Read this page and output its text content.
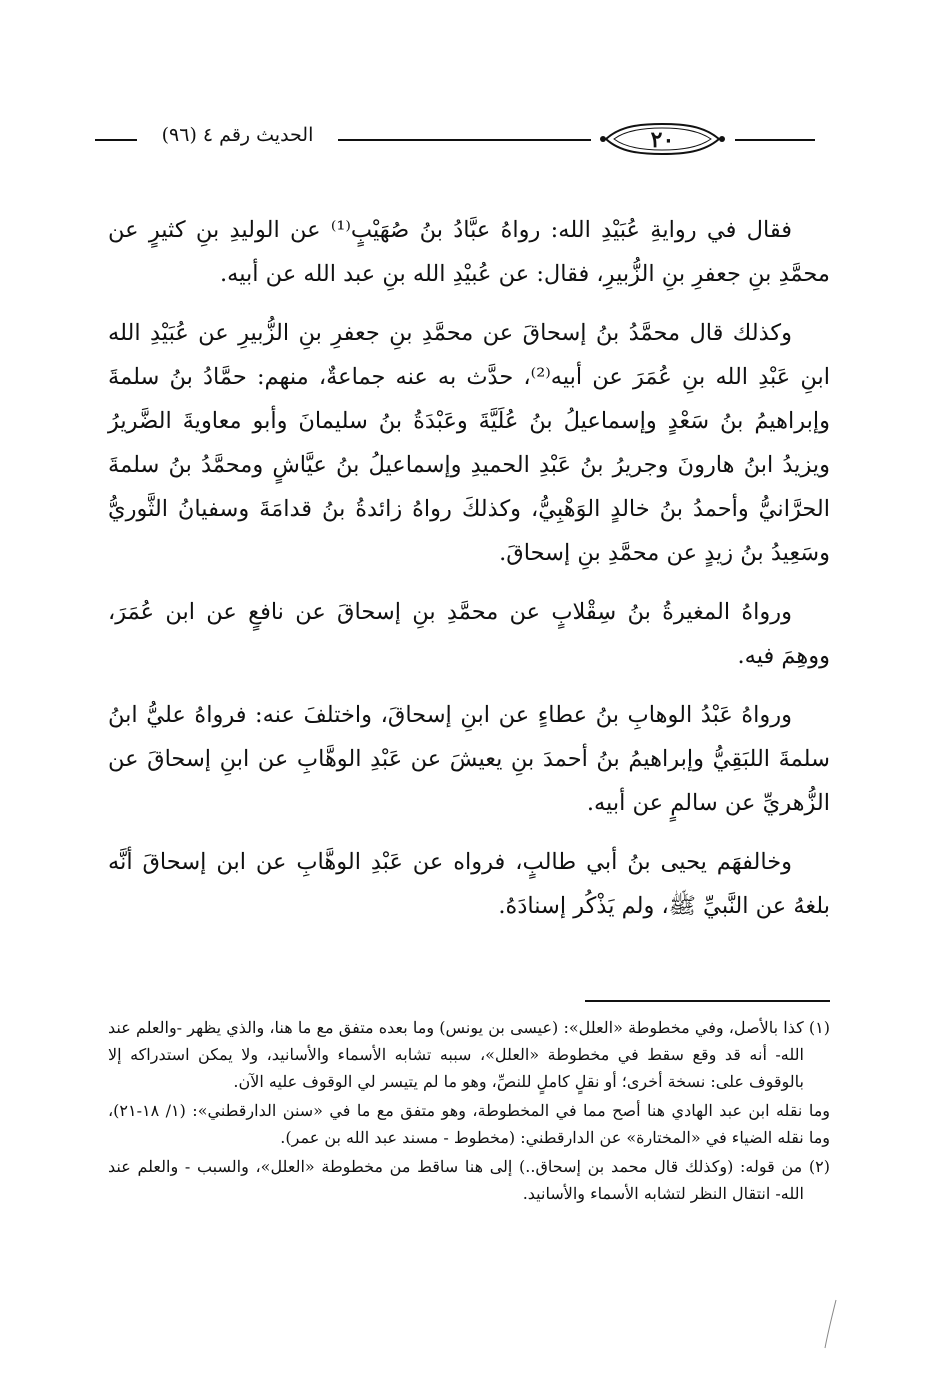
الحديث رقم ٤ (٩٦)	٢٠

فقال في روايةِ عُبَيْدِ الله: رواهُ عبَّادُ بنُ صُهَيْبٍ⁽¹⁾ عن الوليدِ بنِ كثيرٍ عن محمَّدِ بنِ جعفرِ بنِ الزُّبيرِ، فقال: عن عُبيْدِ الله بنِ عبد الله عن أبيه.

وكذلك قال محمَّدُ بنُ إسحاقَ عن محمَّدِ بنِ جعفرِ بنِ الزُّبيرِ عن عُبَيْدِ الله ابنِ عَبْدِ الله بنِ عُمَرَ عن أبيه⁽²⁾، حدَّث به عنه جماعةٌ، منهم: حمَّادُ بنُ سلمةَ وإبراهيمُ بنُ سَعْدٍ وإسماعيلُ بنُ عُلَيَّةَ وعَبْدَةُ بنُ سليمانَ وأبو معاويةَ الضَّريرُ ويزيدُ ابنُ هارونَ وجريرُ بنُ عَبْدِ الحميدِ وإسماعيلُ بنُ عيَّاشٍ ومحمَّدُ بنُ سلمةَ الحرَّانيُّ وأحمدُ بنُ خالدٍ الوَهْبِيُّ، وكذلكَ رواهُ زائدةُ بنُ قدامَةَ وسفيانُ الثَّوريُّ وسَعِيدُ بنُ زيدٍ عن محمَّدِ بنِ إسحاقَ.

ورواهُ المغيرةُ بنُ سِقْلابٍ عن محمَّدِ بنِ إسحاقَ عن نافعٍ عن ابن عُمَرَ، ووهِمَ فيه.

ورواهُ عَبْدُ الوهابِ بنُ عطاءٍ عن ابنِ إسحاقَ، واختلفَ عنه: فرواهُ عليُّ ابنُ سلمةَ اللبَقِيُّ وإبراهيمُ بنُ أحمدَ بنِ يعيشَ عن عَبْدِ الوهَّابِ عن ابنِ إسحاقَ عن الزُّهريِّ عن سالمٍ عن أبيه.

وخالفهَم يحيى بنُ أبي طالبٍ، فرواه عن عَبْدِ الوهَّابِ عن ابن إسحاقَ أنَّه بلغهُ عن النَّبيِّ ﷺ، ولم يَذْكُر إسنادَهُ.

(١) كذا بالأصل، وفي مخطوطة «العلل»: (عيسى بن يونس) وما بعده متفق مع ما هنا، والذي يظهر -والعلم عند الله- أنه قد وقع سقط في مخطوطة «العلل»، سببه تشابه الأسماء والأسانيد، ولا يمكن استدراكه إلا بالوقوف على: نسخة أخرى؛ أو نقلٍ كاملٍ للنصِّ، وهو ما لم يتيسر لي الوقوف عليه الآن.

وما نقله ابن عبد الهادي هنا أصح مما في المخطوطة، وهو متفق مع ما في «سنن الدارقطني»: (١/ ١٨-٢١)، وما نقله الضياء في «المختارة» عن الدارقطني: (مخطوط - مسند عبد الله بن عمر).

(٢) من قوله: (وكذلك قال محمد بن إسحاق..) إلى هنا ساقط من مخطوطة «العلل»، والسبب - والعلم عند الله- انتقال النظر لتشابه الأسماء والأسانيد.
